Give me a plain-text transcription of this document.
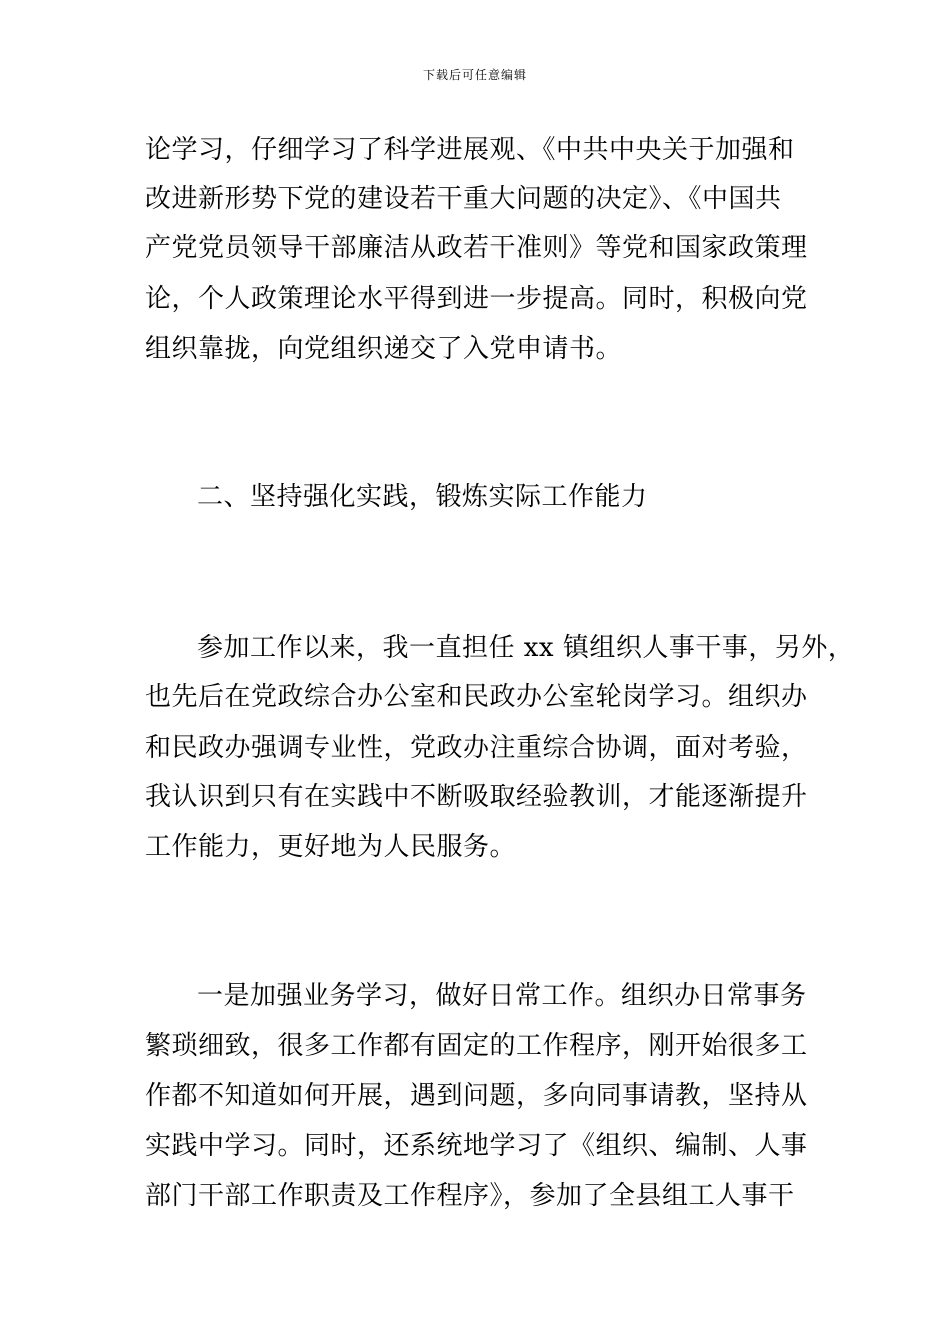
下载后可任意编辑
论学习，仔细学习了科学进展观、《中共中央关于加强和
改进新形势下党的建设若干重大问题的决定》、《中国共
产党党员领导干部廉洁从政若干准则》等党和国家政策理
论，个人政策理论水平得到进一步提高。同时，积极向党
组织靠拢，向党组织递交了入党申请书。
二、坚持强化实践，锻炼实际工作能力
参加工作以来，我一直担任 xx 镇组织人事干事，另外，
也先后在党政综合办公室和民政办公室轮岗学习。组织办
和民政办强调专业性，党政办注重综合协调，面对考验，
我认识到只有在实践中不断吸取经验教训，才能逐渐提升
工作能力，更好地为人民服务。
一是加强业务学习，做好日常工作。组织办日常事务
繁琐细致，很多工作都有固定的工作程序，刚开始很多工
作都不知道如何开展，遇到问题，多向同事请教，坚持从
实践中学习。同时，还系统地学习了《组织、编制、人事
部门干部工作职责及工作程序》，参加了全县组工人事干
